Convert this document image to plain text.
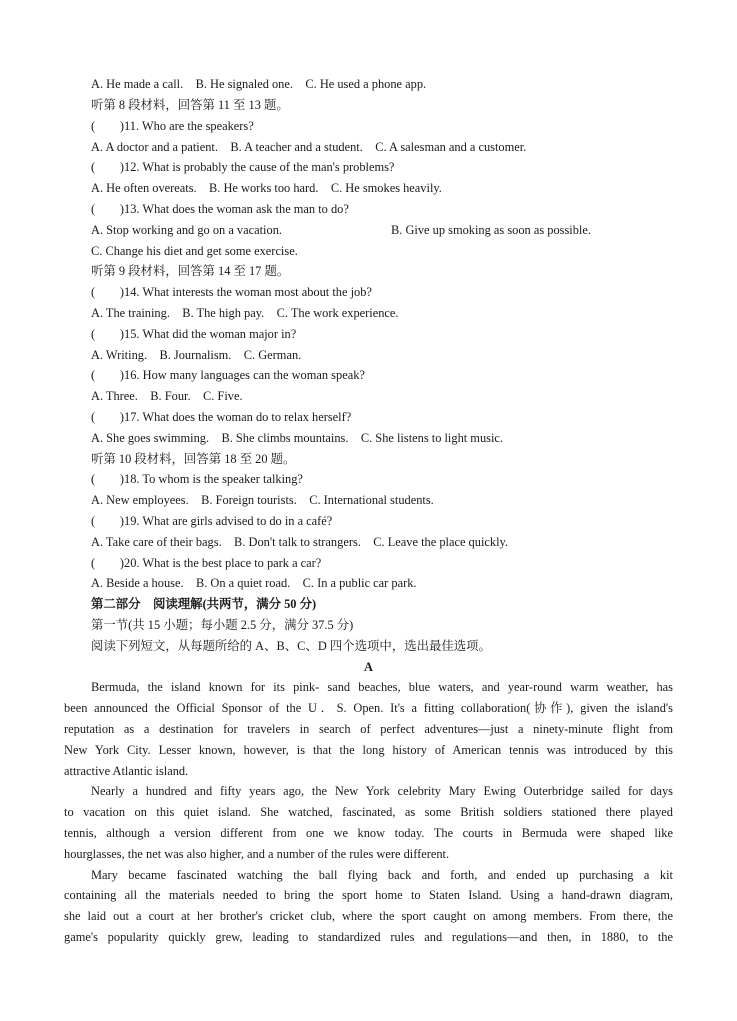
A. He made a call.    B. He signaled one.    C. He used a phone app.
听第 8 段材料，回答第 11 至 13 题。
(        )11. Who are the speakers?
A. A doctor and a patient.    B. A teacher and a student.    C. A salesman and a customer.
(        )12. What is probably the cause of the man's problems?
A. He often overeats.    B. He works too hard.    C. He smokes heavily.
(        )13. What does the woman ask the man to do?
A. Stop working and go on a vacation.	B. Give up smoking as soon as possible.
C. Change his diet and get some exercise.
听第 9 段材料，回答第 14 至 17 题。
(        )14. What interests the woman most about the job?
A. The training.    B. The high pay.    C. The work experience.
(        )15. What did the woman major in?
A. Writing.    B. Journalism.    C. German.
(        )16. How many languages can the woman speak?
A. Three.    B. Four.    C. Five.
(        )17. What does the woman do to relax herself?
A. She goes swimming.    B. She climbs mountains.    C. She listens to light music.
听第 10 段材料，回答第 18 至 20 题。
(        )18. To whom is the speaker talking?
A. New employees.    B. Foreign tourists.    C. International students.
(        )19. What are girls advised to do in a café?
A. Take care of their bags.    B. Don't talk to strangers.    C. Leave the place quickly.
(        )20. What is the best place to park a car?
A. Beside a house.    B. On a quiet road.    C. In a public car park.
第二部分    阅读理解(共两节，满分 50 分)
第一节(共 15 小题；每小题 2.5 分，满分 37.5 分)
阅读下列短文，从每题所给的 A、B、C、D 四个选项中，选出最佳选项。
A
Bermuda, the island known for its pink- sand beaches, blue waters, and year-round warm weather, has
been announced the Official Sponsor of the U．S. Open. It's a fitting collaboration(协作), given the island's
reputation as a destination for travelers in search of perfect adventures—just a ninety-minute flight from
New York City. Lesser known, however, is that the long history of American tennis was introduced by this
attractive Atlantic island.
Nearly a hundred and fifty years ago, the New York celebrity Mary Ewing Outerbridge sailed for days
to vacation on this quiet island. She watched, fascinated, as some British soldiers stationed there played
tennis, although a version different from one we know today. The courts in Bermuda were shaped like
hourglasses, the net was also higher, and a number of the rules were different.
Mary became fascinated watching the ball flying back and forth, and ended up purchasing a kit
containing all the materials needed to bring the sport home to Staten Island. Using a hand-drawn diagram,
she laid out a court at her brother's cricket club, where the sport caught on among members. From there, the
game's popularity quickly grew, leading to standardized rules and regulations—and then, in 1880, to the
